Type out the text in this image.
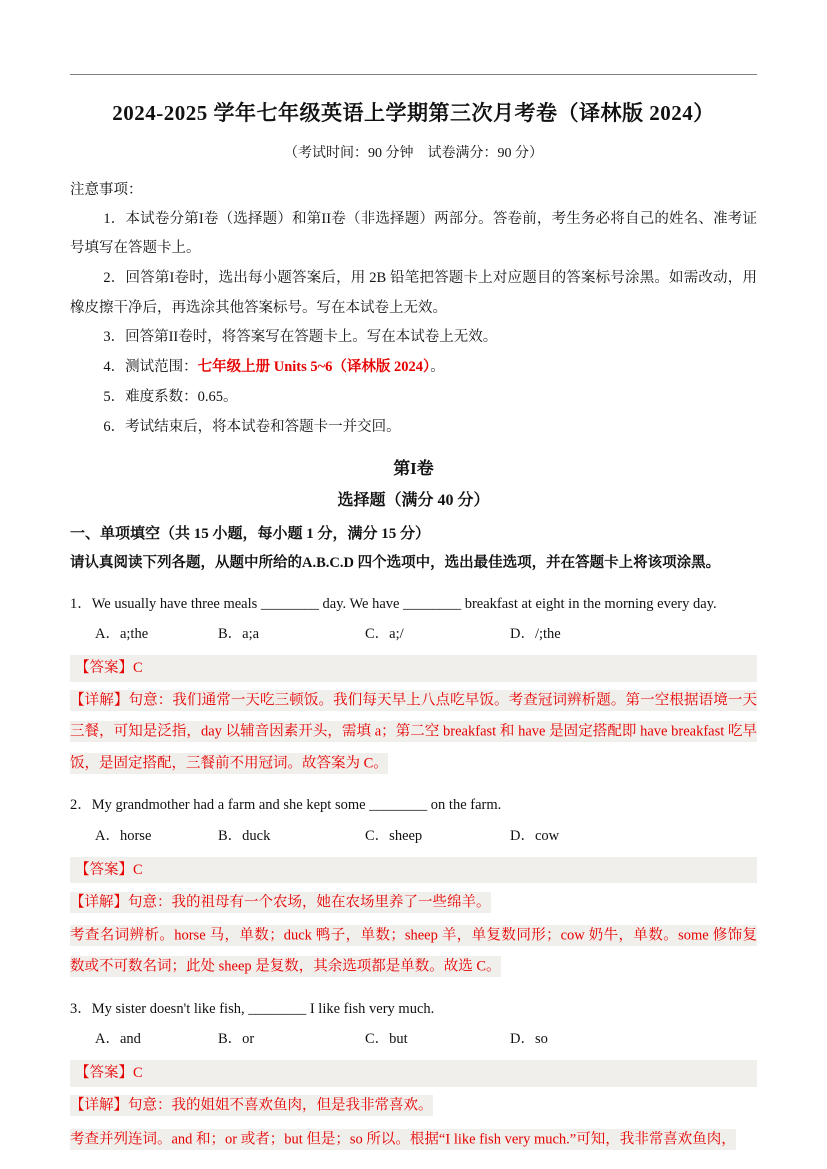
2024-2025 学年七年级英语上学期第三次月考卷（译林版 2024）

（考试时间：90 分钟　试卷满分：90 分）

注意事项：

1．本试卷分第I卷（选择题）和第II卷（非选择题）两部分。答卷前，考生务必将自己的姓名、准考证号填写在答题卡上。

2．回答第I卷时，选出每小题答案后，用 2B 铅笔把答题卡上对应题目的答案标号涂黑。如需改动，用橡皮擦干净后，再选涂其他答案标号。写在本试卷上无效。

3．回答第II卷时，将答案写在答题卡上。写在本试卷上无效。

4．测试范围：七年级上册 Units 5~6（译林版 2024）。

5．难度系数：0.65。

6．考试结束后，将本试卷和答题卡一并交回。

第I卷
选择题（满分 40 分）
一、单项填空（共 15 小题，每小题 1 分，满分 15 分）

请认真阅读下列各题，从题中所给的A.B.C.D 四个选项中，选出最佳选项，并在答题卡上将该项涂黑。

1．We usually have three meals ________ day. We have ________ breakfast at eight in the morning every day.

A．a;the	B．a;a	C．a;/	D．/;the
【答案】C

【详解】句意：我们通常一天吃三顿饭。我们每天早上八点吃早饭。考查冠词辨析题。第一空根据语境一天三餐，可知是泛指，day 以辅音因素开头，需填 a；第二空 breakfast 和 have 是固定搭配即 have breakfast 吃早饭，是固定搭配，三餐前不用冠词。故答案为 C。

2．My grandmother had a farm and she kept some ________ on the farm.

A．horse	B．duck	C．sheep	D．cow
【答案】C

【详解】句意：我的祖母有一个农场，她在农场里养了一些绵羊。

考查名词辨析。horse 马，单数；duck 鸭子，单数；sheep 羊，单复数同形；cow 奶牛，单数。some 修饰复数或不可数名词；此处 sheep 是复数，其余选项都是单数。故选 C。

3．My sister doesn't like fish, ________ I like fish very much.

A．and	B．or	C．but	D．so
【答案】C

【详解】句意：我的姐姐不喜欢鱼肉，但是我非常喜欢。

考查并列连词。and 和；or 或者；but 但是；so 所以。根据“I like fish very much.”可知，我非常喜欢鱼肉，
